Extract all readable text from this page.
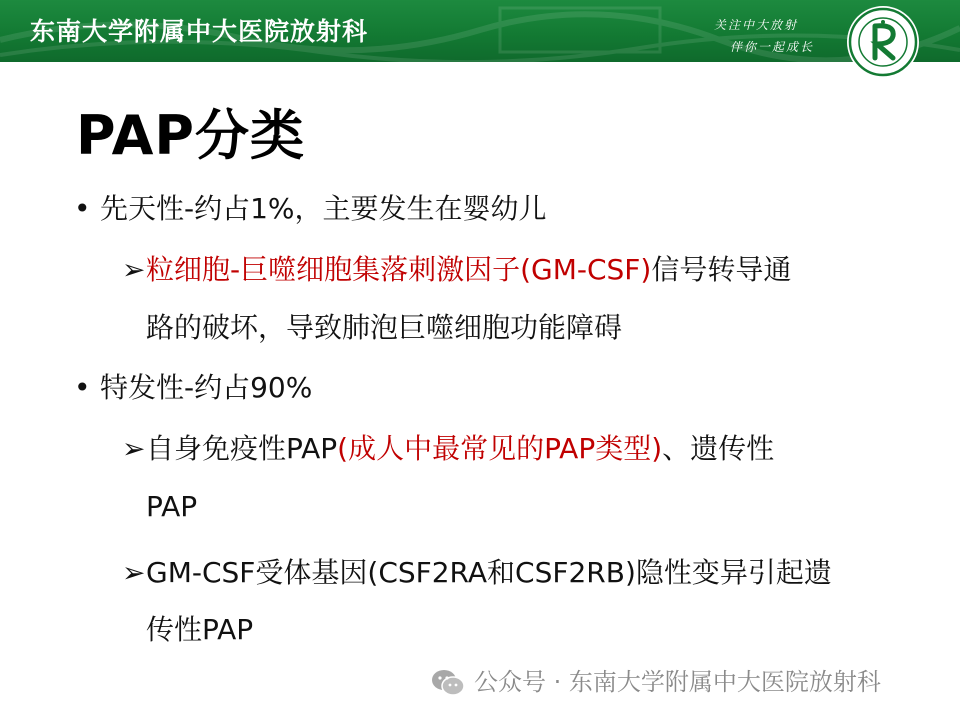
东南大学附属中大医院放射科	关注中大放射
伴你一起成长
PAP分类
• 先天性-约占1%，主要发生在婴幼儿
➢粒细胞-巨噬细胞集落刺激因子(GM-CSF)信号转导通
路的破坏，导致肺泡巨噬细胞功能障碍
• 特发性-约占90%
➢自身免疫性PAP(成人中最常见的PAP类型)、遗传性
PAP
➢GM-CSF受体基因(CSF2RA和CSF2RB)隐性变异引起遗
传性PAP
公众号 · 东南大学附属中大医院放射科
